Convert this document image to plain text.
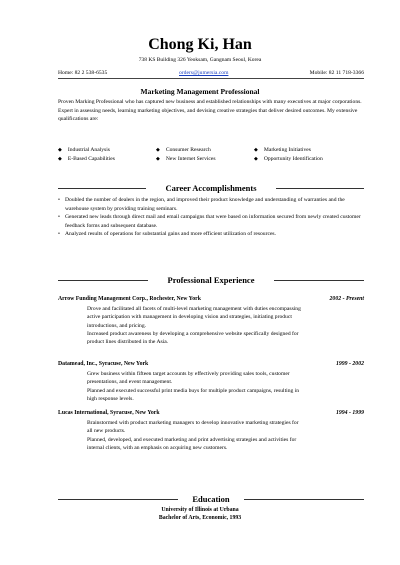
Chong Ki, Han
738 KS Building 326 Yeoksam, Gangnam Seoul, Korea
Home: 82 2 538-6535	orders@jumersia.com	Mobile: 82 11 718-3366
Marketing Management Professional
Proven Marking Professional who has captured new business and established relationships with many executives at major corporations. Expert in assessing needs, learning marketing objectives, and devising creative strategies that deliver desired outcomes. My extensive qualifications are:
◆ Industrial Analysis	◆ Consumer Research	◆ Marketing Initiatives
◆ E-Based Capabilities	◆ New Internet Services	◆ Opportunity Identification
Career Accomplishments
• Doubled the number of dealers in the region, and improved their product knowledge and understanding of warranties and the warehouse system by providing training seminars.
• Generated new leads through direct mail and email campaigns that were based on information secured from newly created customer feedback forms and subsequent database.
• Analyzed results of operations for substantial gains and more efficient utilization of resources.
Professional Experience
Arrow Funding Management Corp., Rochester, New York	2002 - Present
Drove and facilitated all facets of multi-level marketing management with duties encompassing active participation with management in developing vision and strategies, initiating product introductions, and pricing.
Increased product awareness by developing a comprehensive website specifically designed for product lines distributed in the Asia.
Datamead, Inc., Syracuse, New York	1999 - 2002
Grew business within fifteen target accounts by effectively providing sales tools, customer presentations, and event management.
Planned and executed successful print media buys for multiple product campaigns, resulting in high response levels.
Lucas International, Syracuse, New York	1994 - 1999
Brainstormed with product marketing managers to develop innovative marketing strategies for all new products.
Planned, developed, and executed marketing and print advertising strategies and activities for internal clients, with an emphasis on acquiring new customers.
Education
University of Illinois at Urbana
Bachelor of Arts, Economic, 1993
